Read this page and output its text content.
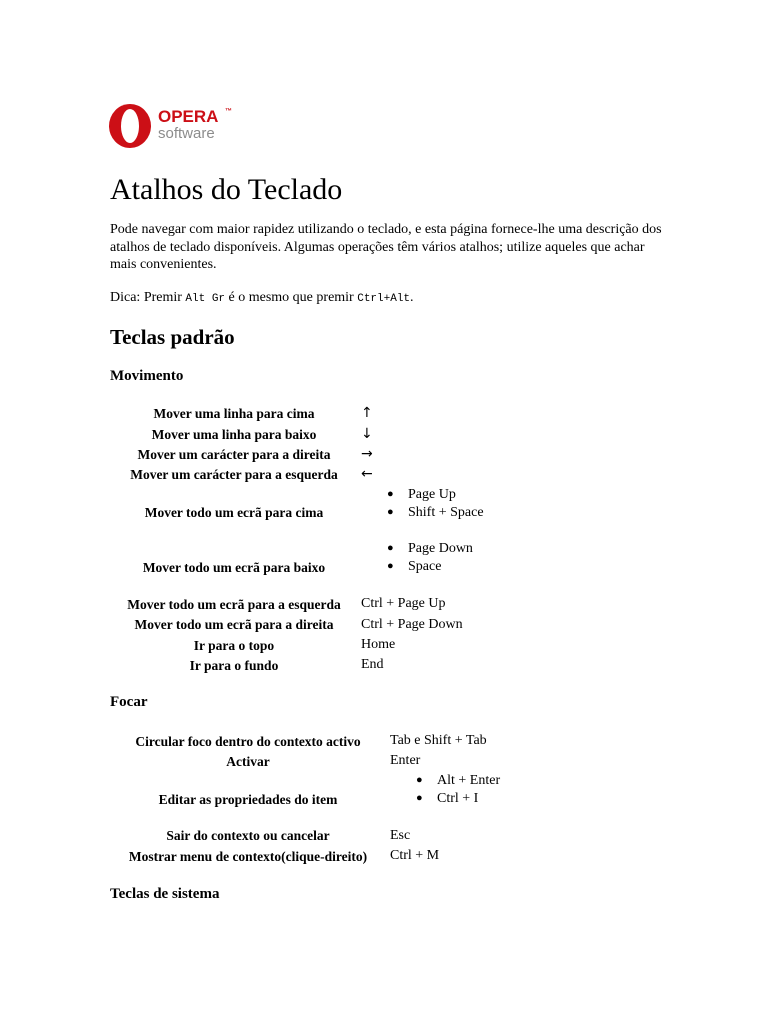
OPERA ™
software
Atalhos do Teclado

Pode navegar com maior rapidez utilizando o teclado, e esta página fornece-lhe uma descrição dos atalhos de teclado disponíveis. Algumas operações têm vários atalhos; utilize aqueles que achar mais convenientes.

Dica: Premir Alt Gr é o mesmo que premir Ctrl+Alt.

Teclas padrão
Movimento
Mover uma linha para cima	↑
Mover uma linha para baixo	↓
Mover um carácter para a direita	→
Mover um carácter para a esquerda	←
Mover todo um ecrã para cima
● Page Up
● Shift + Space
Mover todo um ecrã para baixo
● Page Down
● Space
Mover todo um ecrã para a esquerda	Ctrl + Page Up
Mover todo um ecrã para a direita	Ctrl + Page Down
Ir para o topo	Home
Ir para o fundo	End
Focar
Circular foco dentro do contexto activo	Tab e Shift + Tab
Activar	Enter
Editar as propriedades do item
● Alt + Enter
● Ctrl + I
Sair do contexto ou cancelar	Esc
Mostrar menu de contexto(clique-direito)	Ctrl + M
Teclas de sistema
